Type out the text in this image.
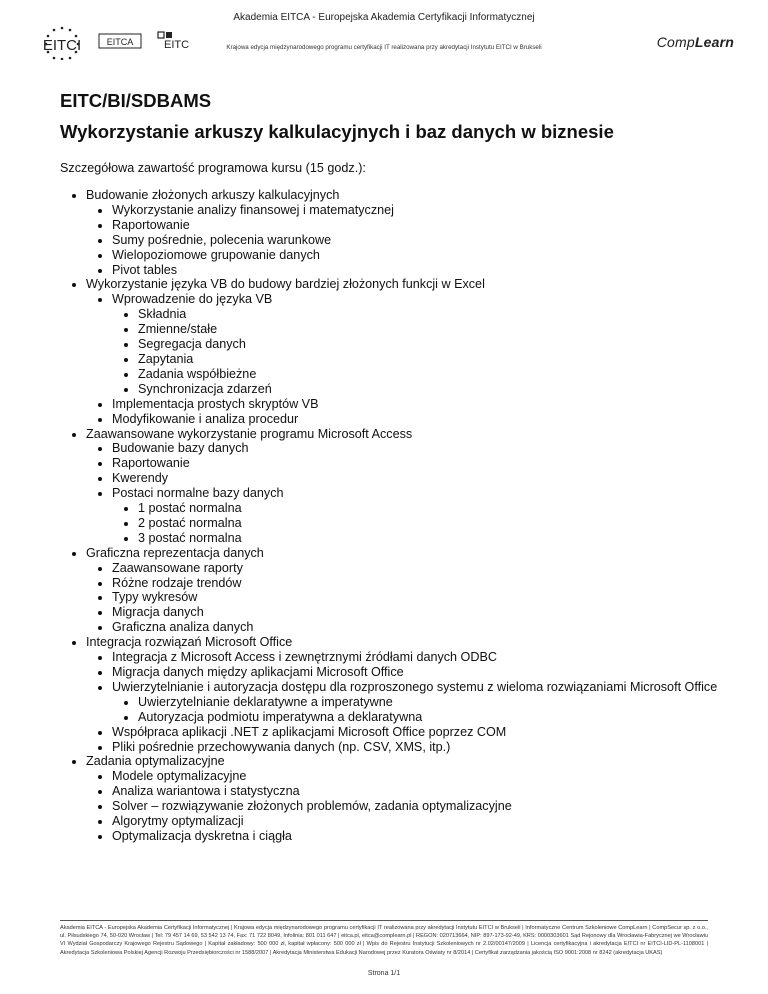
EITCI	EITCA	EITC
Akademia EITCA - Europejska Akademia Certyfikacji Informatycznej
Krajowa edycja międzynarodowego programu certyfikacji IT realizowana przy akredytacji Instytutu EITCI w Brukseli	CompLearn
EITC/BI/SDBAMS
Wykorzystanie arkuszy kalkulacyjnych i baz danych w biznesie
Szczegółowa zawartość programowa kursu (15 godz.):
• Budowanie złożonych arkuszy kalkulacyjnych
• Wykorzystanie analizy finansowej i matematycznej
• Raportowanie
• Sumy pośrednie, polecenia warunkowe
• Wielopoziomowe grupowanie danych
• Pivot tables
• Wykorzystanie języka VB do budowy bardziej złożonych funkcji w Excel
• Wprowadzenie do języka VB
• Składnia
• Zmienne/stałe
• Segregacja danych
• Zapytania
• Zadania współbieżne
• Synchronizacja zdarzeń
• Implementacja prostych skryptów VB
• Modyfikowanie i analiza procedur
• Zaawansowane wykorzystanie programu Microsoft Access
• Budowanie bazy danych
• Raportowanie
• Kwerendy
• Postaci normalne bazy danych
• 1 postać normalna
• 2 postać normalna
• 3 postać normalna
• Graficzna reprezentacja danych
• Zaawansowane raporty
• Różne rodzaje trendów
• Typy wykresów
• Migracja danych
• Graficzna analiza danych
• Integracja rozwiązań Microsoft Office
• Integracja z Microsoft Access i zewnętrznymi źródłami danych ODBC
• Migracja danych między aplikacjami Microsoft Office
• Uwierzytelnianie i autoryzacja dostępu dla rozproszonego systemu z wieloma rozwiązaniami Microsoft Office
• Uwierzytelnianie deklaratywne a imperatywne
• Autoryzacja podmiotu imperatywna a deklaratywna
• Współpraca aplikacji .NET z aplikacjami Microsoft Office poprzez COM
• Pliki pośrednie przechowywania danych (np. CSV, XMS, itp.)
• Zadania optymalizacyjne
• Modele optymalizacyjne
• Analiza wariantowa i statystyczna
• Solver – rozwiązywanie złożonych problemów, zadania optymalizacyjne
• Algorytmy optymalizacji
• Optymalizacja dyskretna i ciągła
Akademia EITCA - Europejska Akademia Certyfikacji Informatycznej | Krajowa edycja międzynarodowego programu certyfikacji IT realizowana przy akredytacji Instytutu EITCI w Brukseli | Informatyczne Centrum Szkoleniowe CompLearn | CompSecur sp. z o.o., ul. Piłsudskiego 74, 50-020 Wrocław | Tel: 79 457 14 69, 53 542 13 74, Fax: 71 722 8049, Infolinia: 801 011 647 | eitca.pl, eitca@complearn.pl | REGON: 020713664, NIP: 897-173-92-49, KRS: 0000303601 Sąd Rejonowy dla Wrocławia-Fabrycznej we Wrocławiu VI Wydział Gospodarczy Krajowego Rejestru Sądowego | Kapitał zakładowy: 500 000 zł, kapitał wpłacony: 500 000 zł | Wpis do Rejestru Instytucji Szkoleniowych nr 2.02/00147/2009 | Licencja certyfikacyjna i akredytacja EITCI nr EITCI-LID-PL-1108001 | Akredytacja Szkoleniowa Polskiej Agencji Rozwoju Przedsiębiorczości nr 1588/2007 | Akredytacja Ministerstwa Edukacji Narodowej przez Kuratora Oświaty nr 8/2014 | Certyfikat zarządzania jakością ISO 9001:2008 nr 8242 (akredytacja UKAS)
Strona 1/1
